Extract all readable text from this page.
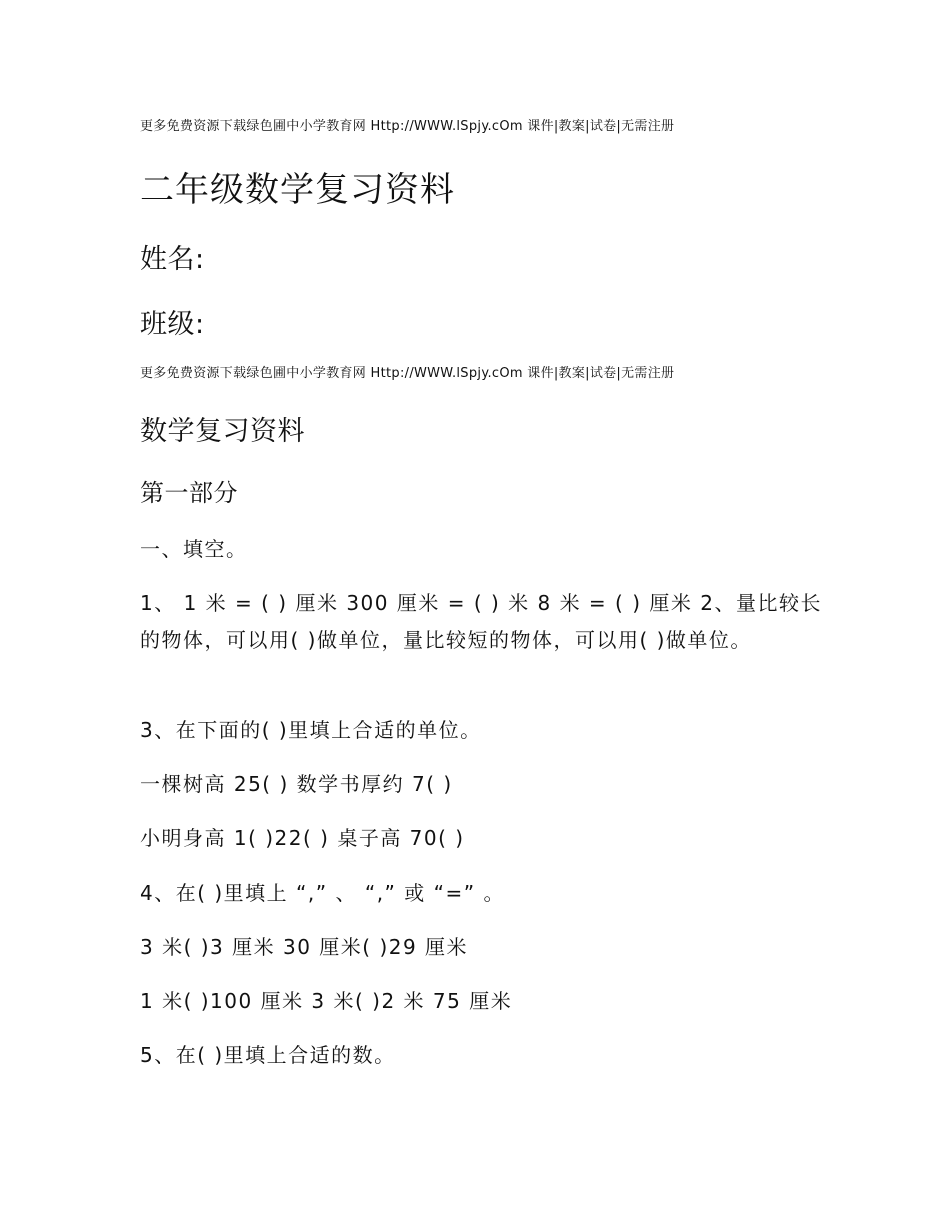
更多免费资源下载绿色圃中小学教育网 Http://WWW.lSpjy.cOm 课件|教案|试卷|无需注册
二年级数学复习资料
姓名:
班级:
更多免费资源下载绿色圃中小学教育网 Http://WWW.lSpjy.cOm 课件|教案|试卷|无需注册
数学复习资料
第一部分
一、填空。
1、 1 米 = ( ) 厘米 300 厘米 = ( ) 米 8 米 = ( ) 厘米 2、量比较长
的物体，可以用( )做单位，量比较短的物体，可以用( )做单位。
3、在下面的( )里填上合适的单位。
一棵树高 25( ) 数学书厚约 7( )
小明身高 1( )22( ) 桌子高 70( )
4、在( )里填上 “,” 、 “,” 或 “=” 。
3 米( )3 厘米 30 厘米( )29 厘米
1 米( )100 厘米 3 米( )2 米 75 厘米
5、在( )里填上合适的数。
